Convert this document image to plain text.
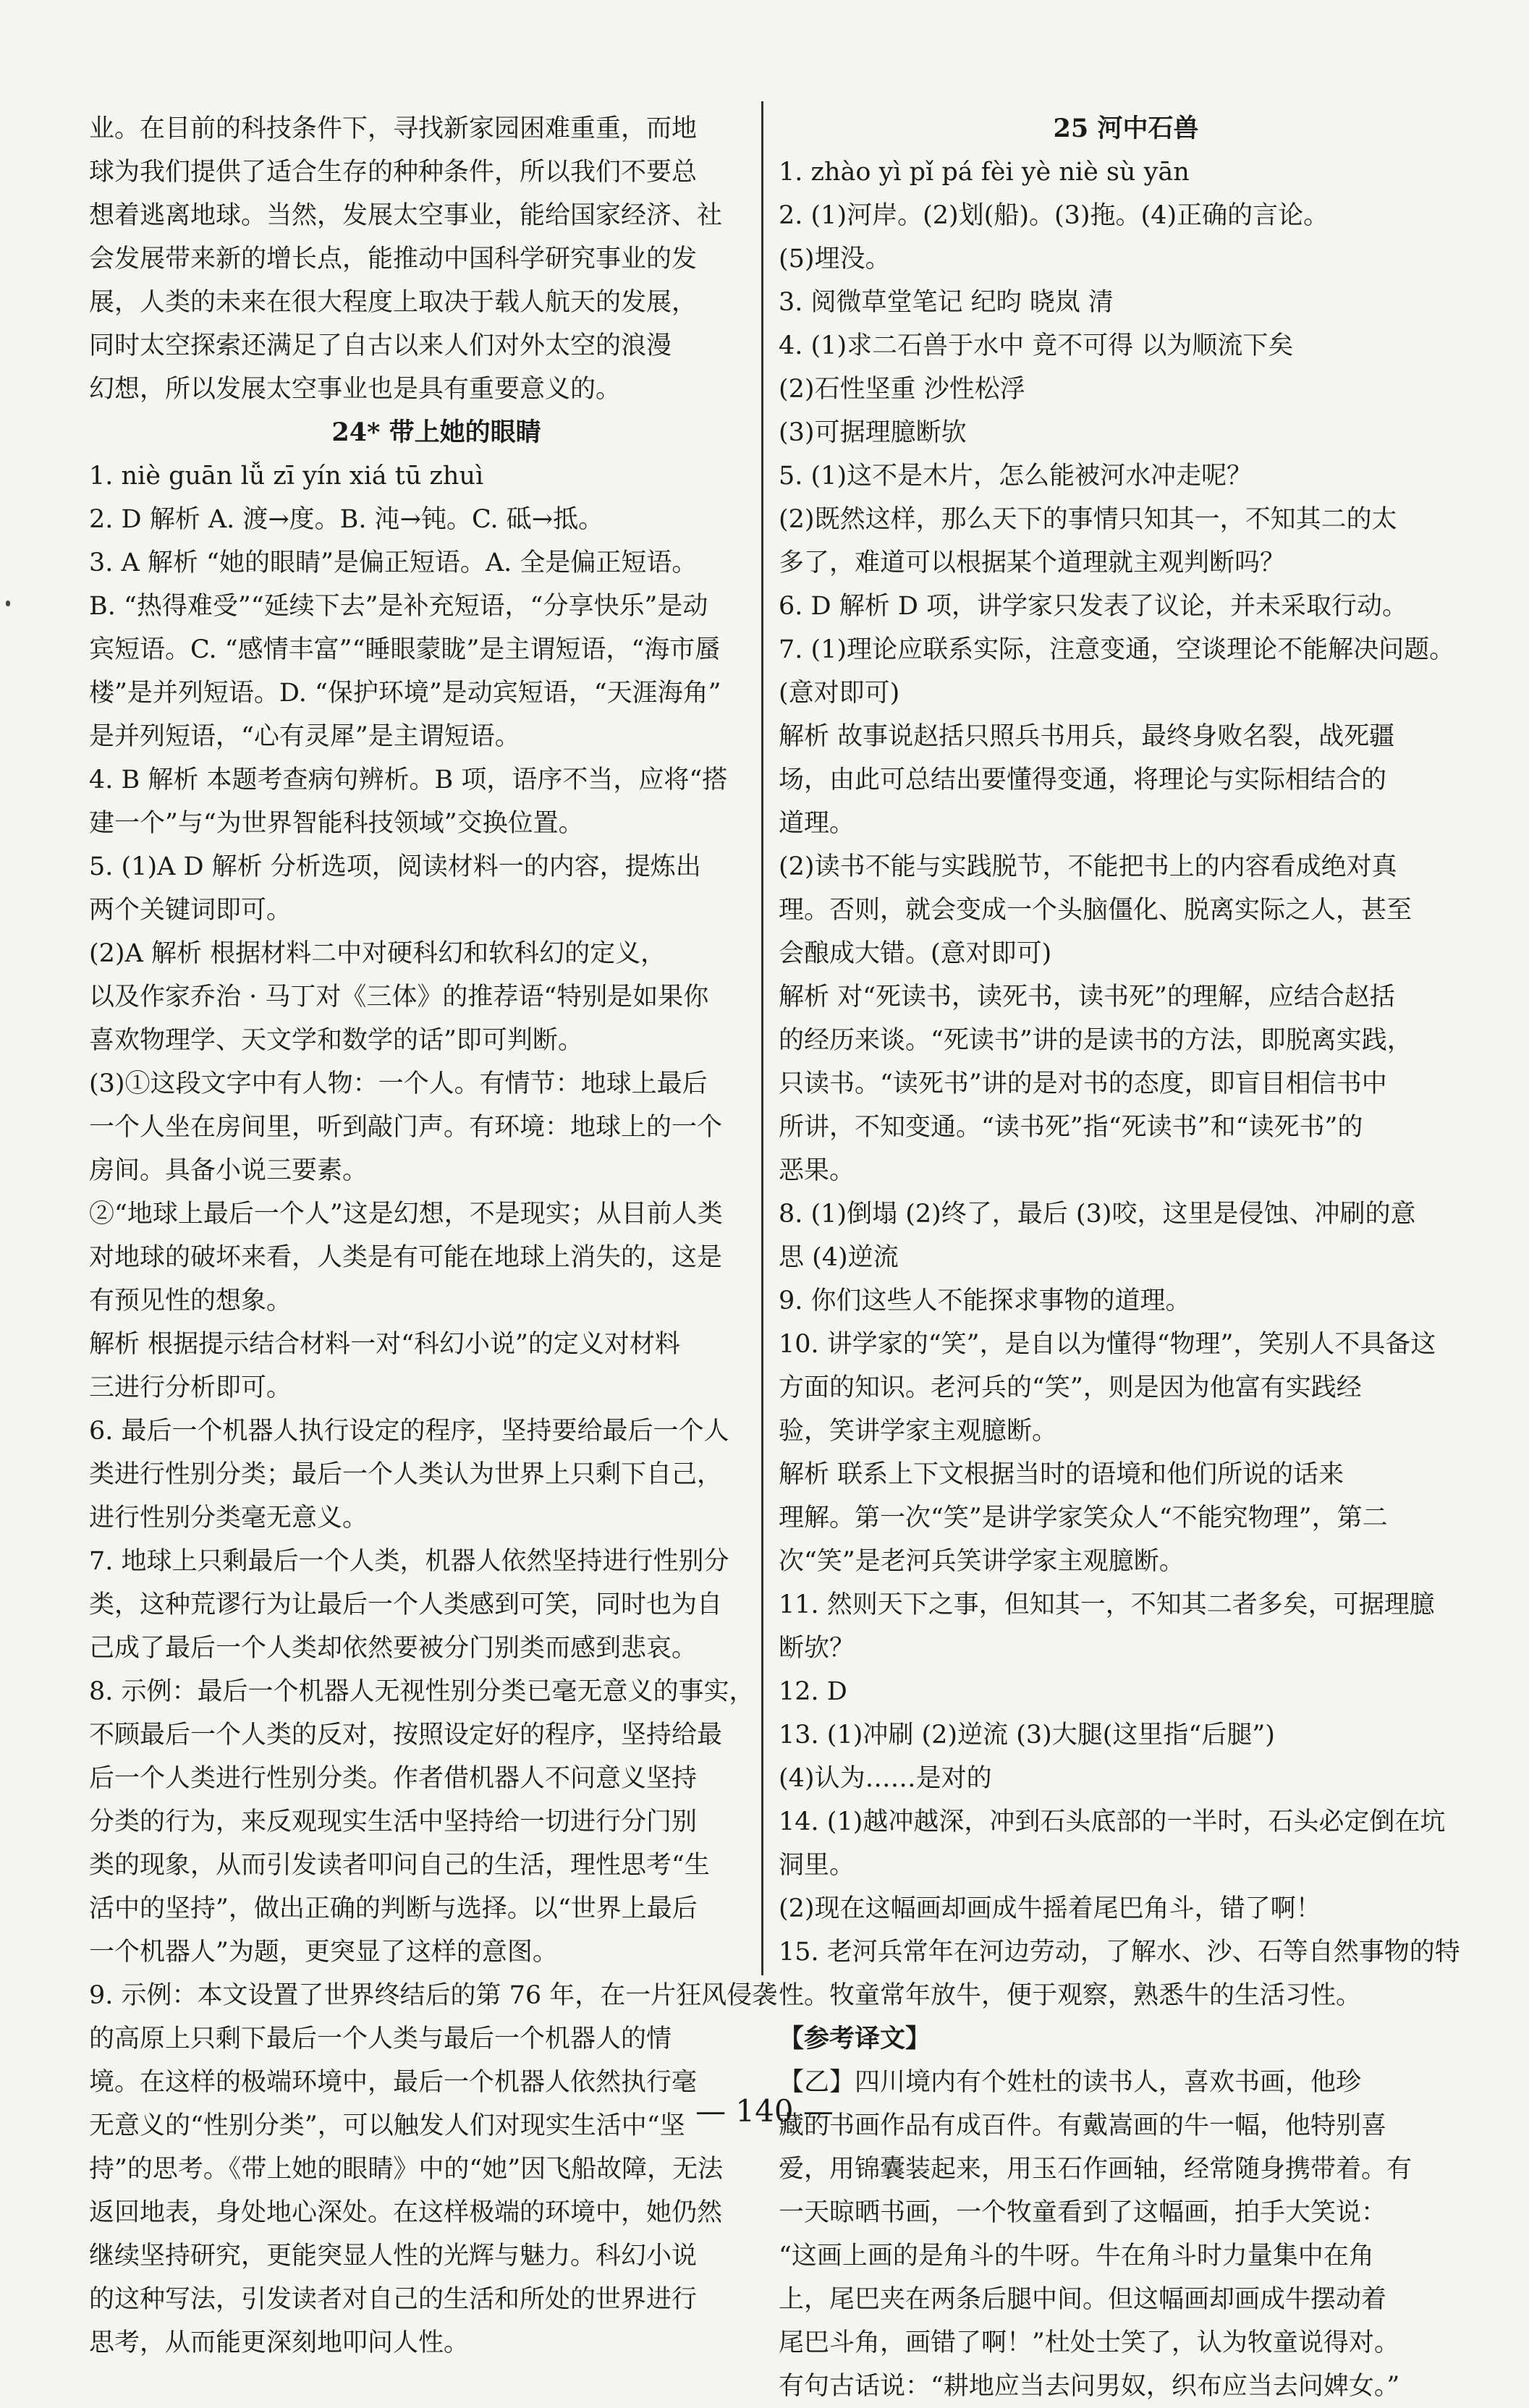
业。在目前的科技条件下，寻找新家园困难重重，而地
球为我们提供了适合生存的种种条件，所以我们不要总
想着逃离地球。当然，发展太空事业，能给国家经济、社
会发展带来新的增长点，能推动中国科学研究事业的发
展，人类的未来在很大程度上取决于载人航天的发展，
同时太空探索还满足了自古以来人们对外太空的浪漫
幻想，所以发展太空事业也是具有重要意义的。
24* 带上她的眼睛
1. niè guān lǚ zī yín xiá tū zhuì
2. D 解析 A. 渡→度。B. 沌→钝。C. 砥→抵。
3. A 解析 “她的眼睛”是偏正短语。A. 全是偏正短语。
B. “热得难受”“延续下去”是补充短语，“分享快乐”是动
宾短语。C. “感情丰富”“睡眼蒙眬”是主谓短语，“海市蜃
楼”是并列短语。D. “保护环境”是动宾短语，“天涯海角”
是并列短语，“心有灵犀”是主谓短语。
4. B 解析 本题考查病句辨析。B 项，语序不当，应将“搭
建一个”与“为世界智能科技领域”交换位置。
5. (1)A D 解析 分析选项，阅读材料一的内容，提炼出
两个关键词即可。
(2)A 解析 根据材料二中对硬科幻和软科幻的定义，
以及作家乔治 · 马丁对《三体》的推荐语“特别是如果你
喜欢物理学、天文学和数学的话”即可判断。
(3)①这段文字中有人物：一个人。有情节：地球上最后
一个人坐在房间里，听到敲门声。有环境：地球上的一个
房间。具备小说三要素。
②“地球上最后一个人”这是幻想，不是现实；从目前人类
对地球的破坏来看，人类是有可能在地球上消失的，这是
有预见性的想象。
解析 根据提示结合材料一对“科幻小说”的定义对材料
三进行分析即可。
6. 最后一个机器人执行设定的程序，坚持要给最后一个人
类进行性别分类；最后一个人类认为世界上只剩下自己，
进行性别分类毫无意义。
7. 地球上只剩最后一个人类，机器人依然坚持进行性别分
类，这种荒谬行为让最后一个人类感到可笑，同时也为自
己成了最后一个人类却依然要被分门别类而感到悲哀。
8. 示例：最后一个机器人无视性别分类已毫无意义的事实，
不顾最后一个人类的反对，按照设定好的程序，坚持给最
后一个人类进行性别分类。作者借机器人不问意义坚持
分类的行为，来反观现实生活中坚持给一切进行分门别
类的现象，从而引发读者叩问自己的生活，理性思考“生
活中的坚持”，做出正确的判断与选择。以“世界上最后
一个机器人”为题，更突显了这样的意图。
9. 示例：本文设置了世界终结后的第 76 年，在一片狂风侵袭
的高原上只剩下最后一个人类与最后一个机器人的情
境。在这样的极端环境中，最后一个机器人依然执行毫
无意义的“性别分类”，可以触发人们对现实生活中“坚
持”的思考。《带上她的眼睛》中的“她”因飞船故障，无法
返回地表，身处地心深处。在这样极端的环境中，她仍然
继续坚持研究，更能突显人性的光辉与魅力。科幻小说
的这种写法，引发读者对自己的生活和所处的世界进行
思考，从而能更深刻地叩问人性。
25 河中石兽
1. zhào yì pǐ pá fèi yè niè sù yān
2. (1)河岸。(2)划(船)。(3)拖。(4)正确的言论。
(5)埋没。
3. 阅微草堂笔记 纪昀 晓岚 清
4. (1)求二石兽于水中 竟不可得 以为顺流下矣
(2)石性坚重 沙性松浮
(3)可据理臆断欤
5. (1)这不是木片，怎么能被河水冲走呢？
(2)既然这样，那么天下的事情只知其一，不知其二的太
多了，难道可以根据某个道理就主观判断吗？
6. D 解析 D 项，讲学家只发表了议论，并未采取行动。
7. (1)理论应联系实际，注意变通，空谈理论不能解决问题。
(意对即可)
解析 故事说赵括只照兵书用兵，最终身败名裂，战死疆
场，由此可总结出要懂得变通，将理论与实际相结合的
道理。
(2)读书不能与实践脱节，不能把书上的内容看成绝对真
理。否则，就会变成一个头脑僵化、脱离实际之人，甚至
会酿成大错。(意对即可)
解析 对“死读书，读死书，读书死”的理解，应结合赵括
的经历来谈。“死读书”讲的是读书的方法，即脱离实践，
只读书。“读死书”讲的是对书的态度，即盲目相信书中
所讲，不知变通。“读书死”指“死读书”和“读死书”的
恶果。
8. (1)倒塌 (2)终了，最后 (3)咬，这里是侵蚀、冲刷的意
思 (4)逆流
9. 你们这些人不能探求事物的道理。
10. 讲学家的“笑”，是自以为懂得“物理”，笑别人不具备这
方面的知识。老河兵的“笑”，则是因为他富有实践经
验，笑讲学家主观臆断。
解析 联系上下文根据当时的语境和他们所说的话来
理解。第一次“笑”是讲学家笑众人“不能究物理”，第二
次“笑”是老河兵笑讲学家主观臆断。
11. 然则天下之事，但知其一，不知其二者多矣，可据理臆
断欤？
12. D
13. (1)冲刷 (2)逆流 (3)大腿(这里指“后腿”)
(4)认为……是对的
14. (1)越冲越深，冲到石头底部的一半时，石头必定倒在坑
洞里。
(2)现在这幅画却画成牛摇着尾巴角斗，错了啊！
15. 老河兵常年在河边劳动，了解水、沙、石等自然事物的特
性。牧童常年放牛，便于观察，熟悉牛的生活习性。
【参考译文】
【乙】四川境内有个姓杜的读书人，喜欢书画，他珍
藏的书画作品有成百件。有戴嵩画的牛一幅，他特别喜
爱，用锦囊装起来，用玉石作画轴，经常随身携带着。有
一天晾晒书画，一个牧童看到了这幅画，拍手大笑说：
“这画上画的是角斗的牛呀。牛在角斗时力量集中在角
上，尾巴夹在两条后腿中间。但这幅画却画成牛摆动着
尾巴斗角，画错了啊！”杜处士笑了，认为牧童说得对。
有句古话说：“耕地应当去问男奴，织布应当去问婢女。”
— 140 —
